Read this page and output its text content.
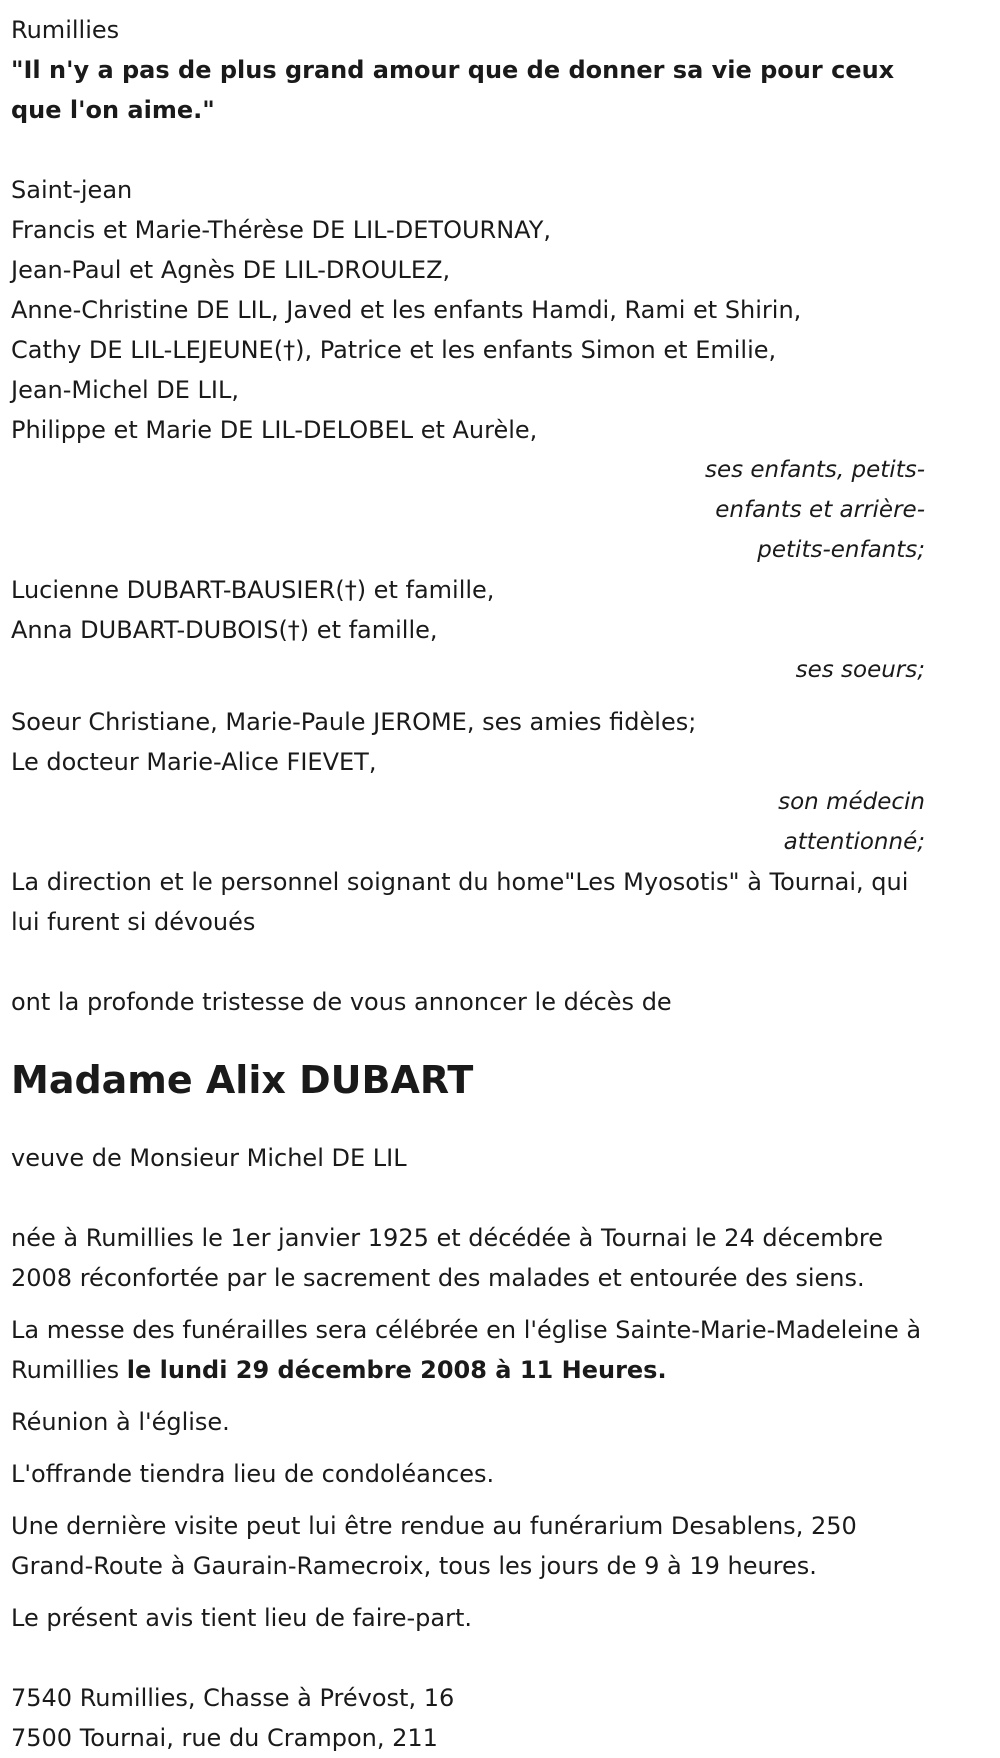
Rumillies
"Il n'y a pas de plus grand amour que de donner sa vie pour ceux que l'on aime."
Saint-jean
Francis et Marie-Thérèse DE LIL-DETOURNAY,
Jean-Paul et Agnès DE LIL-DROULEZ,
Anne-Christine DE LIL, Javed et les enfants Hamdi, Rami et Shirin,
Cathy DE LIL-LEJEUNE(†), Patrice et les enfants Simon et Emilie,
Jean-Michel DE LIL,
Philippe et Marie DE LIL-DELOBEL et Aurèle,
ses enfants, petits-
enfants et arrière-
petits-enfants;
Lucienne DUBART-BAUSIER(†) et famille,
Anna DUBART-DUBOIS(†) et famille,
ses soeurs;
Soeur Christiane, Marie-Paule JEROME, ses amies fidèles;
Le docteur Marie-Alice FIEVET,
son médecin
attentionné;
La direction et le personnel soignant du home"Les Myosotis" à Tournai, qui lui furent si dévoués
ont la profonde tristesse de vous annoncer le décès de
Madame Alix DUBART
veuve de Monsieur Michel DE LIL
née à Rumillies le 1er janvier 1925 et décédée à Tournai le 24 décembre 2008 réconfortée par le sacrement des malades et entourée des siens.
La messe des funérailles sera célébrée en l'église Sainte-Marie-Madeleine à Rumillies le lundi 29 décembre 2008 à 11 Heures.
Réunion à l'église.
L'offrande tiendra lieu de condoléances.
Une dernière visite peut lui être rendue au funérarium Desablens, 250 Grand-Route à Gaurain-Ramecroix, tous les jours de 9 à 19 heures.
Le présent avis tient lieu de faire-part.
7540 Rumillies, Chasse à Prévost, 16
7500 Tournai, rue du Crampon, 211
